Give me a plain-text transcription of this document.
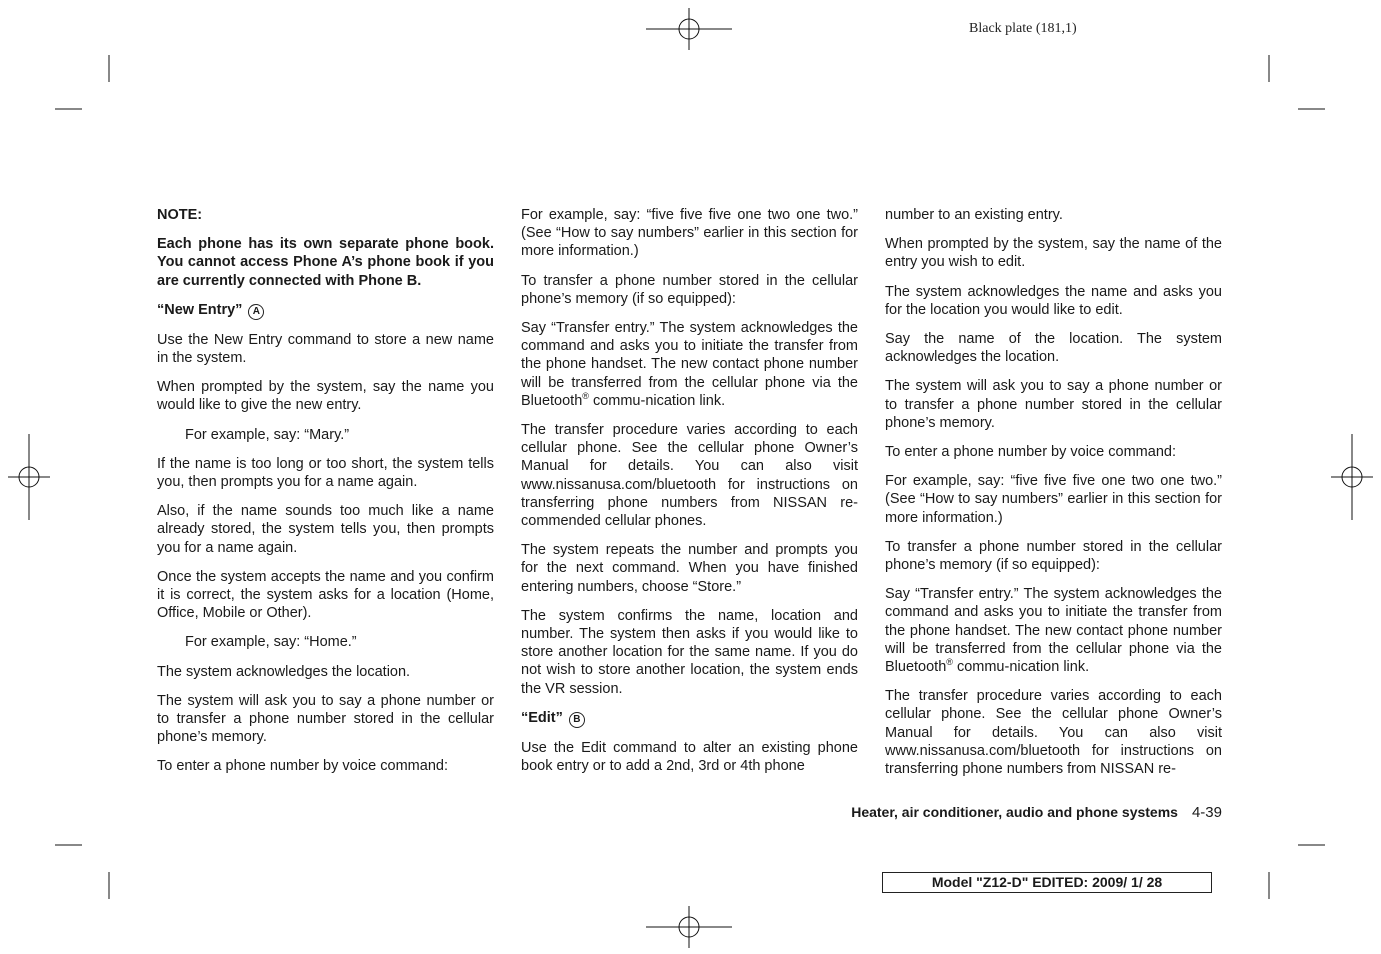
Black plate (181,1)

NOTE:

Each phone has its own separate phone book. You cannot access Phone A’s phone book if you are currently connected with Phone B.

“New Entry” A

Use the New Entry command to store a new name in the system.

When prompted by the system, say the name you would like to give the new entry.

For example, say: “Mary.”

If the name is too long or too short, the system tells you, then prompts you for a name again.

Also, if the name sounds too much like a name already stored, the system tells you, then prompts you for a name again.

Once the system accepts the name and you confirm it is correct, the system asks for a location (Home, Office, Mobile or Other).

For example, say: “Home.”

The system acknowledges the location.

The system will ask you to say a phone number or to transfer a phone number stored in the cellular phone’s memory.

To enter a phone number by voice command:

For example, say: “five five five one two one two.” (See “How to say numbers” earlier in this section for more information.)

To transfer a phone number stored in the cellular phone’s memory (if so equipped):

Say “Transfer entry.” The system acknowledges the command and asks you to initiate the transfer from the phone handset. The new contact phone number will be transferred from the cellular phone via the Bluetooth® commu-nication link.

The transfer procedure varies according to each cellular phone. See the cellular phone Owner’s Manual for details. You can also visit www.nissanusa.com/bluetooth for instructions on transferring phone numbers from NISSAN re-commended cellular phones.

The system repeats the number and prompts you for the next command. When you have finished entering numbers, choose “Store.”

The system confirms the name, location and number. The system then asks if you would like to store another location for the same name. If you do not wish to store another location, the system ends the VR session.

“Edit” B

Use the Edit command to alter an existing phone book entry or to add a 2nd, 3rd or 4th phone

number to an existing entry.

When prompted by the system, say the name of the entry you wish to edit.

The system acknowledges the name and asks you for the location you would like to edit.

Say the name of the location. The system acknowledges the location.

The system will ask you to say a phone number or to transfer a phone number stored in the cellular phone’s memory.

To enter a phone number by voice command:

For example, say: “five five five one two one two.” (See “How to say numbers” earlier in this section for more information.)

To transfer a phone number stored in the cellular phone’s memory (if so equipped):

Say “Transfer entry.” The system acknowledges the command and asks you to initiate the transfer from the phone handset. The new contact phone number will be transferred from the cellular phone via the Bluetooth® commu-nication link.

The transfer procedure varies according to each cellular phone. See the cellular phone Owner’s Manual for details. You can also visit www.nissanusa.com/bluetooth for instructions on transferring phone numbers from NISSAN re-

Heater, air conditioner, audio and phone systems 4-39
Model "Z12-D" EDITED: 2009/ 1/ 28
